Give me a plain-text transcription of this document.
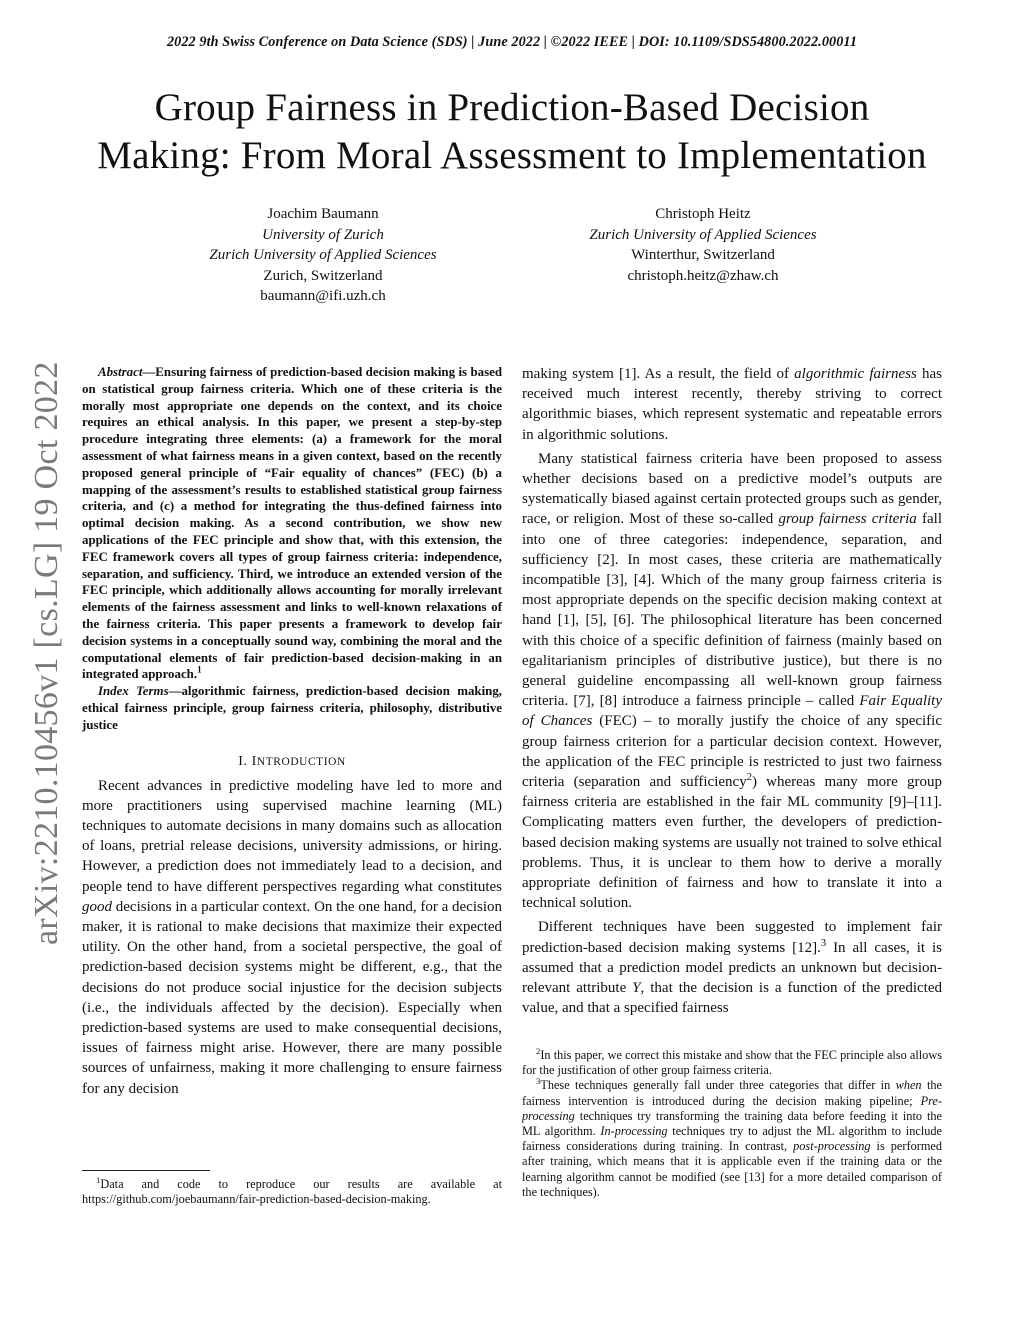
2022 9th Swiss Conference on Data Science (SDS) | June 2022 | ©2022 IEEE | DOI: 10.1109/SDS54800.2022.00011
Group Fairness in Prediction-Based Decision
Making: From Moral Assessment to Implementation
Joachim Baumann
University of Zurich
Zurich University of Applied Sciences
Zurich, Switzerland
baumann@ifi.uzh.ch
Christoph Heitz
Zurich University of Applied Sciences
Winterthur, Switzerland
christoph.heitz@zhaw.ch
arXiv:2210.10456v1 [cs.LG] 19 Oct 2022	Abstract—Ensuring fairness of prediction-based decision making is based on statistical group fairness criteria. Which one of these criteria is the morally most appropriate one depends on the context, and its choice requires an ethical analysis. In this paper, we present a step-by-step procedure integrating three elements: (a) a framework for the moral assessment of what fairness means in a given context, based on the recently proposed general principle of “Fair equality of chances” (FEC) (b) a mapping of the assessment’s results to established statistical group fairness criteria, and (c) a method for integrating the thus-defined fairness into optimal decision making. As a second contribution, we show new applications of the FEC principle and show that, with this extension, the FEC framework covers all types of group fairness criteria: independence, separation, and sufficiency. Third, we introduce an extended version of the FEC principle, which additionally allows accounting for morally irrelevant elements of the fairness assessment and links to well-known relaxations of the fairness criteria. This paper presents a framework to develop fair decision systems in a conceptually sound way, combining the moral and the computational elements of fair prediction-based decision-making in an integrated approach.$^1$

Index Terms—algorithmic fairness, prediction-based decision making, ethical fairness principle, group fairness criteria, philosophy, distributive justice

I. INTRODUCTION

Recent advances in predictive modeling have led to more and more practitioners using supervised machine learning (ML) techniques to automate decisions in many domains such as allocation of loans, pretrial release decisions, university admissions, or hiring. However, a prediction does not immediately lead to a decision, and people tend to have different perspectives regarding what constitutes good decisions in a particular context. On the one hand, for a decision maker, it is rational to make decisions that maximize their expected utility. On the other hand, from a societal perspective, the goal of prediction-based decision systems might be different, e.g., that the decisions do not produce social injustice for the decision subjects (i.e., the individuals affected by the decision). Especially when prediction-based systems are used to make consequential decisions, issues of fairness might arise. However, there are many possible sources of unfairness, making it more challenging to ensure fairness for any decision

making system [1]. As a result, the field of algorithmic fairness has received much interest recently, thereby striving to correct algorithmic biases, which represent systematic and repeatable errors in algorithmic solutions.

Many statistical fairness criteria have been proposed to assess whether decisions based on a predictive model’s outputs are systematically biased against certain protected groups such as gender, race, or religion. Most of these so-called group fairness criteria fall into one of three categories: independence, separation, and sufficiency [2]. In most cases, these criteria are mathematically incompatible [3], [4]. Which of the many group fairness criteria is most appropriate depends on the specific decision making context at hand [1], [5], [6]. The philosophical literature has been concerned with this choice of a specific definition of fairness (mainly based on egalitarianism principles of distributive justice), but there is no general guideline encompassing all well-known group fairness criteria. [7], [8] introduce a fairness principle – called Fair Equality of Chances (FEC) – to morally justify the choice of any specific group fairness criterion for a particular decision context. However, the application of the FEC principle is restricted to just two fairness criteria (separation and sufficiency$^2$) whereas many more group fairness criteria are established in the fair ML community [9]–[11]. Complicating matters even further, the developers of prediction-based decision making systems are usually not trained to solve ethical problems. Thus, it is unclear to them how to derive a morally appropriate definition of fairness and how to translate it into a technical solution.

Different techniques have been suggested to implement fair prediction-based decision making systems [12].$^3$ In all cases, it is assumed that a prediction model predicts an unknown but decision-relevant attribute Y, that the decision is a function of the predicted value, and that a specified fairness

$^1$Data and code to reproduce our results are available at https://github.com/joebaumann/fair-prediction-based-decision-making.

$^2$In this paper, we correct this mistake and show that the FEC principle also allows for the justification of other group fairness criteria.

$^3$These techniques generally fall under three categories that differ in when the fairness intervention is introduced during the decision making pipeline; Pre-processing techniques try transforming the training data before feeding it into the ML algorithm. In-processing techniques try to adjust the ML algorithm to include fairness considerations during training. In contrast, post-processing is performed after training, which means that it is applicable even if the training data or the learning algorithm cannot be modified (see [13] for a more detailed comparison of the techniques).
